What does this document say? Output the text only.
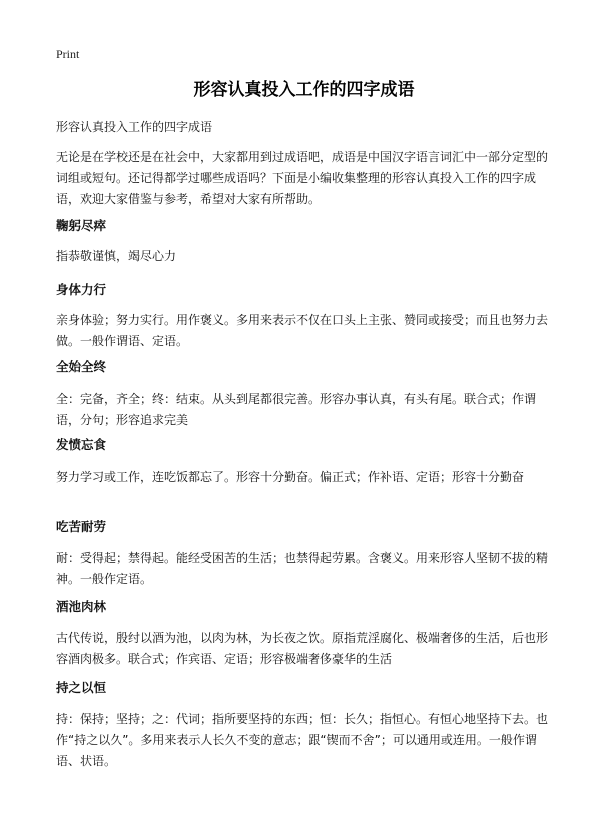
Print
形容认真投入工作的四字成语
形容认真投入工作的四字成语
无论是在学校还是在社会中，大家都用到过成语吧，成语是中国汉字语言词汇中一部分定型的词组或短句。还记得都学过哪些成语吗？下面是小编收集整理的形容认真投入工作的四字成语，欢迎大家借鉴与参考，希望对大家有所帮助。
鞠躬尽瘁
指恭敬谨慎，竭尽心力
身体力行
亲身体验；努力实行。用作褒义。多用来表示不仅在口头上主张、赞同或接受；而且也努力去做。一般作谓语、定语。
全始全终
全：完备，齐全；终：结束。从头到尾都很完善。形容办事认真，有头有尾。联合式；作谓语，分句；形容追求完美
发愤忘食
努力学习或工作，连吃饭都忘了。形容十分勤奋。偏正式；作补语、定语；形容十分勤奋
吃苦耐劳
耐：受得起；禁得起。能经受困苦的生活；也禁得起劳累。含褒义。用来形容人坚韧不拔的精神。一般作定语。
酒池肉林
古代传说，殷纣以酒为池，以肉为林，为长夜之饮。原指荒淫腐化、极端奢侈的生活，后也形容酒肉极多。联合式；作宾语、定语；形容极端奢侈豪华的生活
持之以恒
持：保持；坚持；之：代词；指所要坚持的东西；恒：长久；指恒心。有恒心地坚持下去。也作“持之以久”。多用来表示人长久不变的意志；跟“锲而不舍”；可以通用或连用。一般作谓语、状语。
